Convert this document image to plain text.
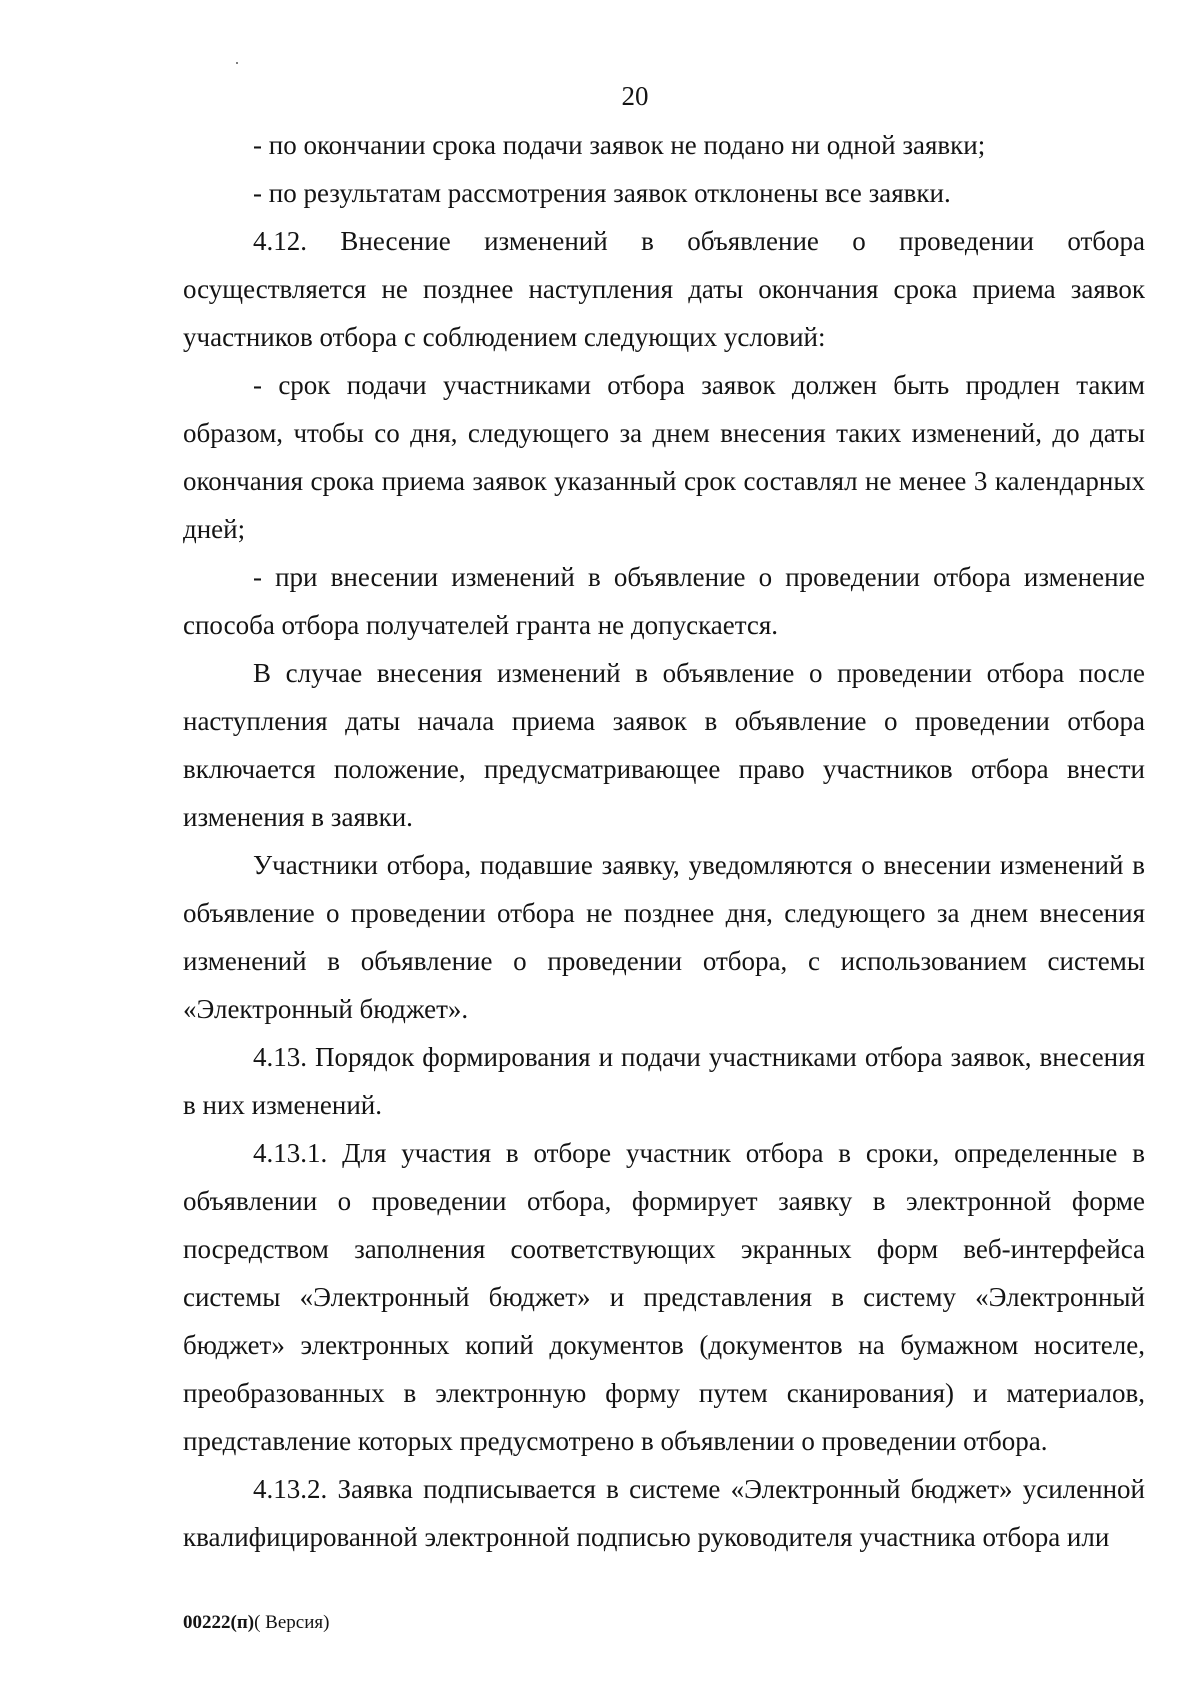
20

- по окончании срока подачи заявок не подано ни одной заявки;

- по результатам рассмотрения заявок отклонены все заявки.

4.12. Внесение изменений в объявление о проведении отбора осуществляется не позднее наступления даты окончания срока приема заявок участников отбора с соблюдением следующих условий:

- срок подачи участниками отбора заявок должен быть продлен таким образом, чтобы со дня, следующего за днем внесения таких изменений, до даты окончания срока приема заявок указанный срок составлял не менее 3 календарных дней;

- при внесении изменений в объявление о проведении отбора изменение способа отбора получателей гранта не допускается.

В случае внесения изменений в объявление о проведении отбора после наступления даты начала приема заявок в объявление о проведении отбора включается положение, предусматривающее право участников отбора внести изменения в заявки.

Участники отбора, подавшие заявку, уведомляются о внесении изменений в объявление о проведении отбора не позднее дня, следующего за днем внесения изменений в объявление о проведении отбора, с использованием системы «Электронный бюджет».

4.13. Порядок формирования и подачи участниками отбора заявок, внесения в них изменений.

4.13.1. Для участия в отборе участник отбора в сроки, определенные в объявлении о проведении отбора, формирует заявку в электронной форме посредством заполнения соответствующих экранных форм веб-интерфейса системы «Электронный бюджет» и представления в систему «Электронный бюджет» электронных копий документов (документов на бумажном носителе, преобразованных в электронную форму путем сканирования) и материалов, представление которых предусмотрено в объявлении о проведении отбора.

4.13.2. Заявка подписывается в системе «Электронный бюджет» усиленной квалифицированной электронной подписью руководителя участника отбора или

00222(п)( Версия)
